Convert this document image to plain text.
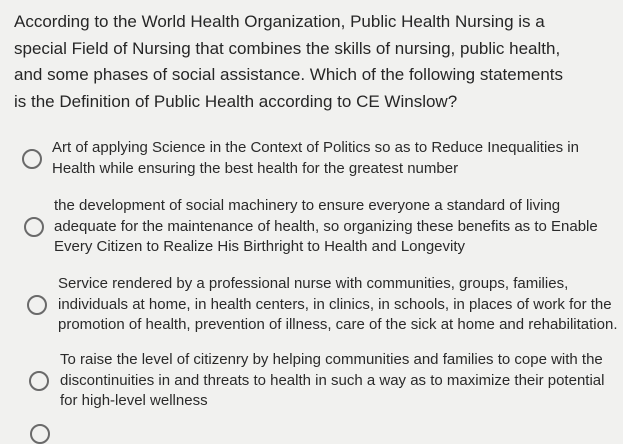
According to the World Health Organization, Public Health Nursing is a
special Field of Nursing that combines the skills of nursing, public health,
and some phases of social assistance. Which of the following statements
is the Definition of Public Health according to CE Winslow?
Art of applying Science in the Context of Politics so as to Reduce Inequalities in
Health while ensuring the best health for the greatest number
the development of social machinery to ensure everyone a standard of living
adequate for the maintenance of health, so organizing these benefits as to Enable
Every Citizen to Realize His Birthright to Health and Longevity
Service rendered by a professional nurse with communities, groups, families,
individuals at home, in health centers, in clinics, in schools, in places of work for the
promotion of health, prevention of illness, care of the sick at home and rehabilitation.
To raise the level of citizenry by helping communities and families to cope with the
discontinuities in and threats to health in such a way as to maximize their potential
for high-level wellness
